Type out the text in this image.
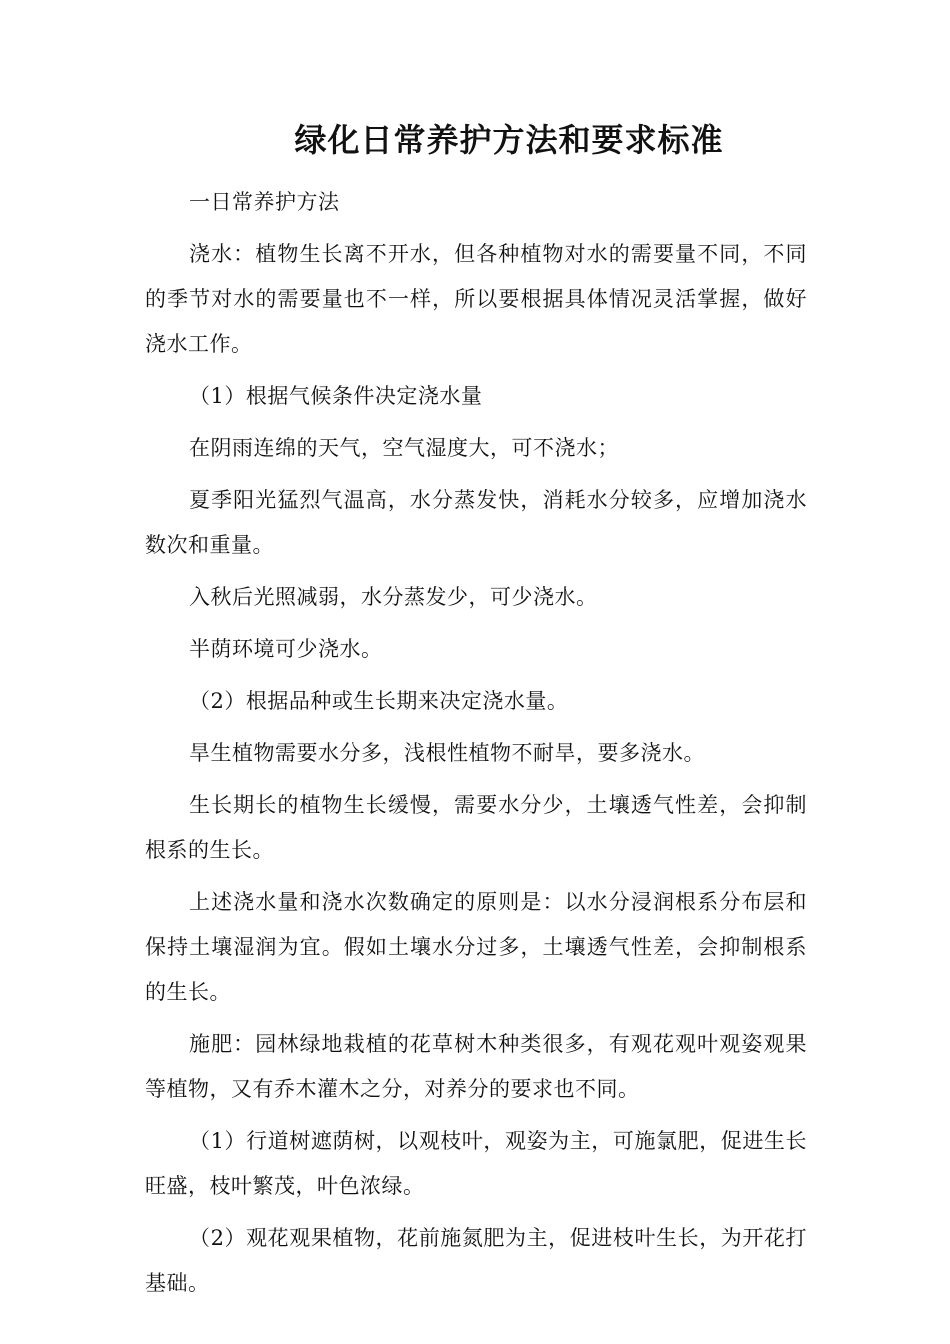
绿化日常养护方法和要求标准

一日常养护方法

浇水：植物生长离不开水，但各种植物对水的需要量不同，不同的季节对水的需要量也不一样，所以要根据具体情况灵活掌握，做好浇水工作。

（1）根据气候条件决定浇水量

在阴雨连绵的天气，空气湿度大，可不浇水；

夏季阳光猛烈气温高，水分蒸发快，消耗水分较多，应增加浇水数次和重量。

入秋后光照减弱，水分蒸发少，可少浇水。

半荫环境可少浇水。

（2）根据品种或生长期来决定浇水量。

旱生植物需要水分多，浅根性植物不耐旱，要多浇水。

生长期长的植物生长缓慢，需要水分少，土壤透气性差，会抑制根系的生长。

上述浇水量和浇水次数确定的原则是：以水分浸润根系分布层和保持土壤湿润为宜。假如土壤水分过多，土壤透气性差，会抑制根系的生长。

施肥：园林绿地栽植的花草树木种类很多，有观花观叶观姿观果等植物，又有乔木灌木之分，对养分的要求也不同。

（1）行道树遮荫树，以观枝叶，观姿为主，可施氯肥，促进生长旺盛，枝叶繁茂，叶色浓绿。

（2）观花观果植物，花前施氮肥为主，促进枝叶生长，为开花打基础。
